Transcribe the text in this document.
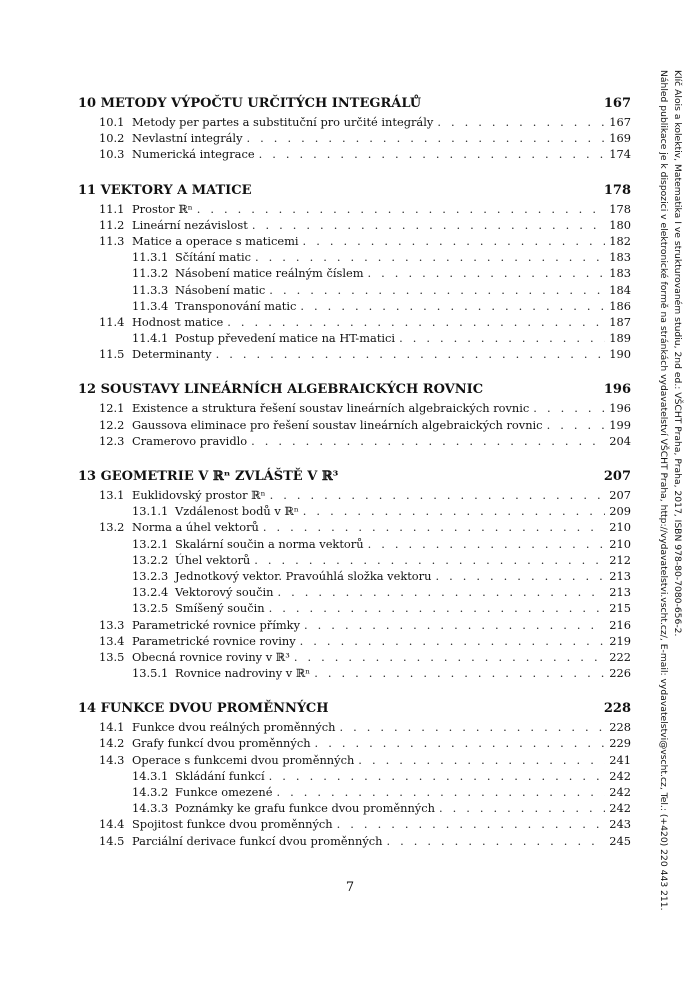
10 METODY VÝPOČTU URČITÝCH INTEGRÁLŮ	167
10.1 Metody per partes a substituční pro určité integrály . . .	167
10.2 Nevlastní integrály . . .	169
10.3 Numerická integrace . . .	174
11 VEKTORY A MATICE	178
11.1 Prostor ℝⁿ . . .	178
11.2 Lineární nezávislost . . .	180
11.3 Matice a operace s maticemi . . .	182
11.3.1 Sčítání matic . . .	183
11.3.2 Násobení matice reálným číslem . . .	183
11.3.3 Násobení matic . . .	184
11.3.4 Transponování matic . . .	186
11.4 Hodnost matice . . .	187
11.4.1 Postup převedení matice na HT-matici . . .	189
11.5 Determinanty . . .	190
12 SOUSTAVY LINEÁRNÍCH ALGEBRAICKÝCH ROVNIC	196
12.1 Existence a struktura řešení soustav lineárních algebraických rovnic . . .	196
12.2 Gaussova eliminace pro řešení soustav lineárních algebraických rovnic . . .	199
12.3 Cramerovo pravidlo . . .	204
13 GEOMETRIE V ℝⁿ ZVLÁŠTĚ V ℝ³	207
13.1 Euklidovský prostor ℝⁿ . . .	207
13.1.1 Vzdálenost bodů v ℝⁿ . . .	209
13.2 Norma a úhel vektorů . . .	210
13.2.1 Skalární součin a norma vektorů . . .	210
13.2.2 Úhel vektorů . . .	212
13.2.3 Jednotkový vektor. Pravoúhlá složka vektoru . . .	213
13.2.4 Vektorový součin . . .	213
13.2.5 Smíšený součin . . .	215
13.3 Parametrické rovnice přímky . . .	216
13.4 Parametrické rovnice roviny . . .	219
13.5 Obecná rovnice roviny v ℝ³ . . .	222
13.5.1 Rovnice nadroviny v ℝⁿ . . .	226
14 FUNKCE DVOU PROMĚNNÝCH	228
14.1 Funkce dvou reálných proměnných . . .	228
14.2 Grafy funkcí dvou proměnných . . .	229
14.3 Operace s funkcemi dvou proměnných . . .	241
14.3.1 Skládání funkcí . . .	242
14.3.2 Funkce omezené . . .	242
14.3.3 Poznámky ke grafu funkce dvou proměnných . . .	242
14.4 Spojitost funkce dvou proměnných . . .	243
14.5 Parciální derivace funkcí dvou proměnných . . .	245
7
Klíč Alois a kolektiv, Matematika I ve strukturovaném studiu, 2nd ed.: VŠCHT Praha, Praha, 2017, ISBN 978-80-7080-656-2.
Náhled publikace je k dispozici v elektronické formě na stránkách vydavatelství VŠCHT Praha, http://vydavatelstvi.vscht.cz/, E-mail: vydavatelstvi@vscht.cz, Tel.: (+420) 220 443 211.
